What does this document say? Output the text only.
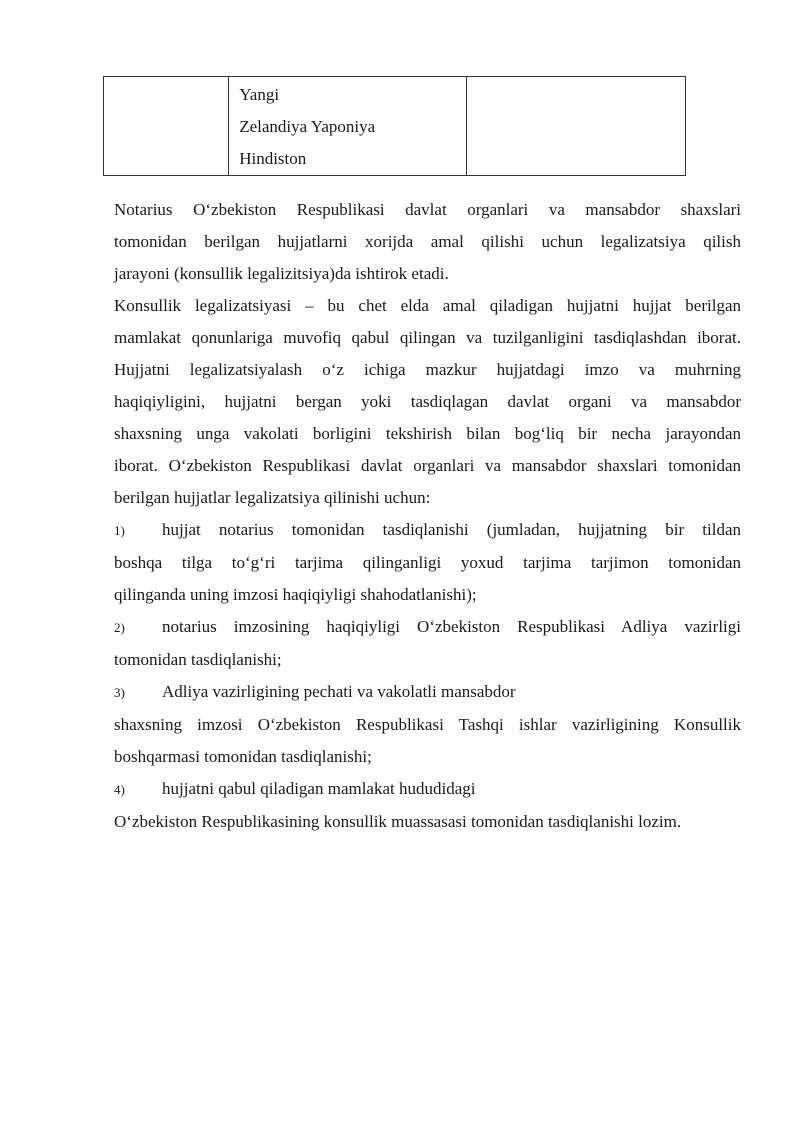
Yangi
Zelandiya Yaponiya
Hindiston

Notarius O‘zbekiston Respublikasi davlat organlari va mansabdor shaxslari
tomonidan berilgan hujjatlarni xorijda amal qilishi uchun legalizatsiya qilish
jarayoni (konsullik legalizitsiya)da ishtirok etadi.

Konsullik legalizatsiyasi – bu chet elda amal qiladigan hujjatni hujjat berilgan
mamlakat qonunlariga muvofiq qabul qilingan va tuzilganligini tasdiqlashdan iborat.
Hujjatni legalizatsiyalash o‘z ichiga mazkur hujjatdagi imzo va muhrning
haqiqiyligini, hujjatni bergan yoki tasdiqlagan davlat organi va mansabdor
shaxsning unga vakolati borligini tekshirish bilan bog‘liq bir necha jarayondan
iborat. O‘zbekiston Respublikasi davlat organlari va mansabdor shaxslari tomonidan
berilgan hujjatlar legalizatsiya qilinishi uchun:

1)	hujjat notarius tomonidan tasdiqlanishi (jumladan, hujjatning bir tildan
boshqa tilga to‘g‘ri tarjima qilinganligi yoxud tarjima tarjimon tomonidan
qilinganda uning imzosi haqiqiyligi shahodatlanishi);
2)	notarius imzosining haqiqiyligi O‘zbekiston Respublikasi Adliya vazirligi
tomonidan tasdiqlanishi;
3)	Adliya vazirligining pechati va vakolatli mansabdor
shaxsning imzosi O‘zbekiston Respublikasi Tashqi ishlar vazirligining Konsullik
boshqarmasi tomonidan tasdiqlanishi;
4)	hujjatni qabul qiladigan mamlakat hududidagi
O‘zbekiston Respublikasining konsullik muassasasi tomonidan tasdiqlanishi lozim.
